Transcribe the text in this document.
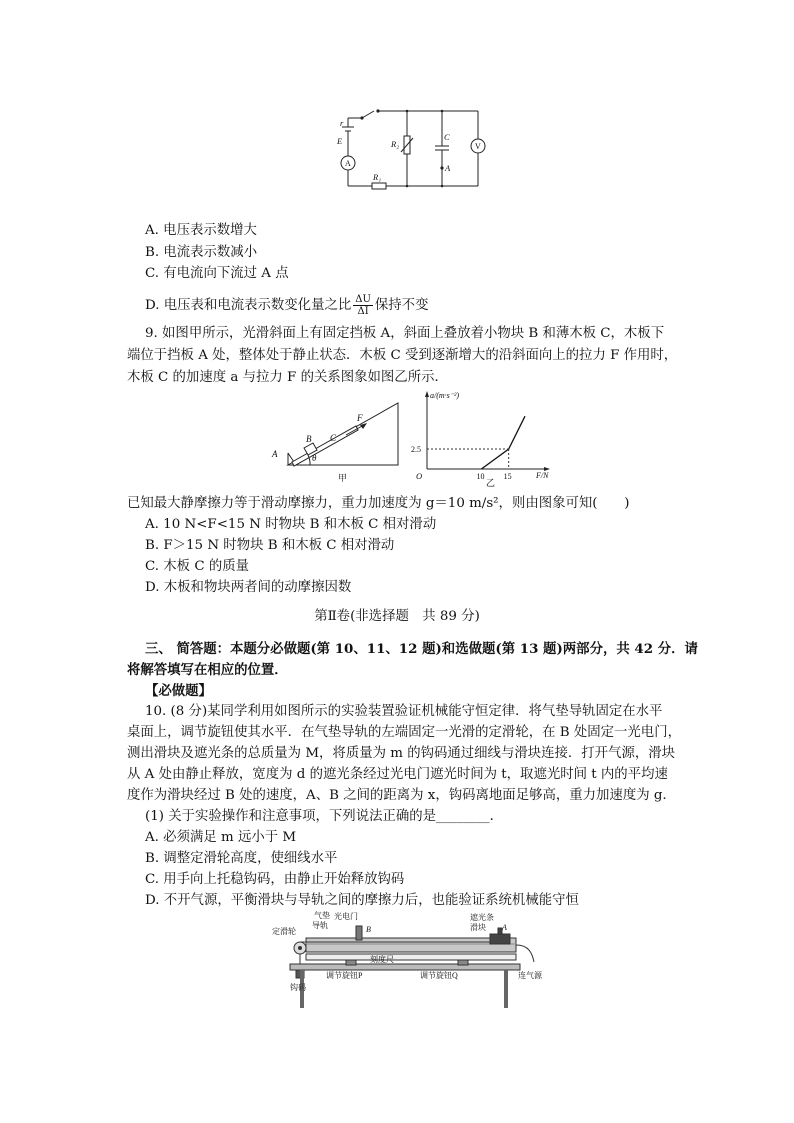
r
E
A
R₂
C
V
A
R₁
A. 电压表示数增大
B. 电流表示数减小
C. 有电流向下流过 A 点
D. 电压表和电流表示数变化量之比 $\frac{\Delta U}{\Delta I}$ 保持不变
9. 如图甲所示，光滑斜面上有固定挡板 A，斜面上叠放着小物块 B 和薄木板 C，木板下
端位于挡板 A 处，整体处于静止状态．木板 C 受到逐渐增大的沿斜面向上的拉力 F 作用时，
木板 C 的加速度 a 与拉力 F 的关系图象如图乙所示．
B C
F
A	θ
甲	10 15
2.5
a/(m·s⁻²)
F/N
O
乙
已知最大静摩擦力等于滑动摩擦力，重力加速度为 g＝10 m/s²，则由图象可知(　　)
A. 10 N<F<15 N 时物块 B 和木板 C 相对滑动
B. F＞15 N 时物块 B 和木板 C 相对滑动
C. 木板 C 的质量
D. 木板和物块两者间的动摩擦因数
第Ⅱ卷(非选择题　共 89 分)
三、 简答题：本题分必做题(第 10、11、12 题)和选做题(第 13 题)两部分，共 42 分．请
将解答填写在相应的位置．
【必做题】
10. (8 分)某同学利用如图所示的实验装置验证机械能守恒定律．将气垫导轨固定在水平
桌面上，调节旋钮使其水平．在气垫导轨的左端固定一光滑的定滑轮，在 B 处固定一光电门，
测出滑块及遮光条的总质量为 M，将质量为 m 的钩码通过细线与滑块连接．打开气源，滑块
从 A 处由静止释放，宽度为 d 的遮光条经过光电门遮光时间为 t，取遮光时间 t 内的平均速
度作为滑块经过 B 处的速度，A、B 之间的距离为 x，钩码离地面足够高，重力加速度为 g.
(1) 关于实验操作和注意事项，下列说法正确的是________．
A. 必须满足 m 远小于 M
B. 调整定滑轮高度，使细线水平
C. 用手向上托稳钩码，由静止开始释放钩码
D. 不开气源，平衡滑块与导轨之间的摩擦力后，也能验证系统机械能守恒
定滑轮
气垫
导轨
光电门
B
遮光条
滑块 A
刻度尺
连气源
钩码
调节旋钮P	调节旋钮Q
